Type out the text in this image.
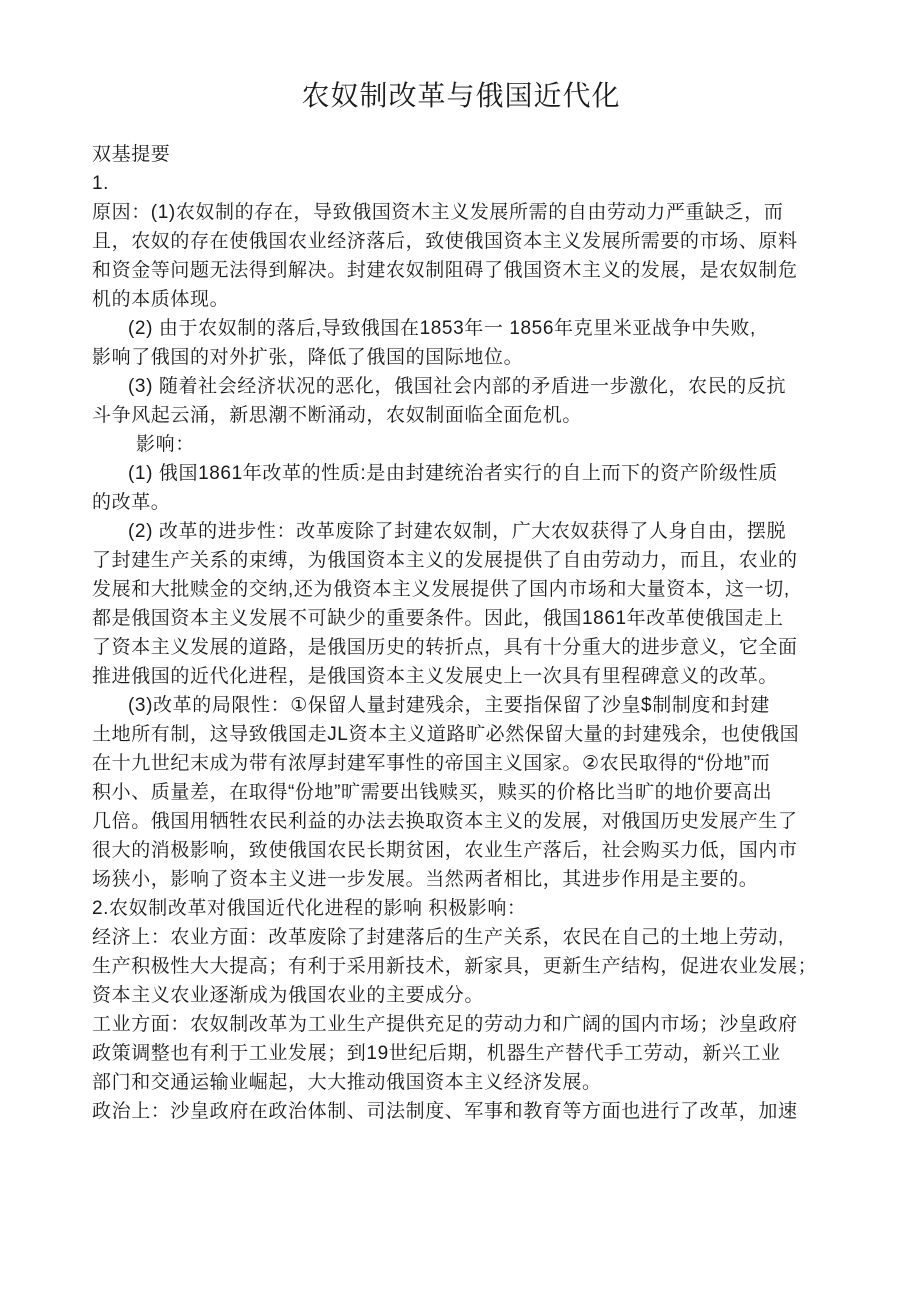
农奴制改革与俄国近代化
双基提要
1.
原因：(1)农奴制的存在，导致俄国资木主义发展所需的自由劳动力严重缺乏，而
且，农奴的存在使俄国农业经济落后，致使俄国资本主义发展所需要的市场、原料
和资金等问题无法得到解决。封建农奴制阻碍了俄国资木主义的发展，是农奴制危
机的本质体现。
(2) 由于农奴制的落后,导致俄国在1853年一 1856年克里米亚战争中失败,
影响了俄国的对外扩张，降低了俄国的国际地位。
(3) 随着社会经济状况的恶化，俄国社会内部的矛盾进一步激化，农民的反抗
斗争风起云涌，新思潮不断涌动，农奴制面临全面危机。
影响：
(1) 俄国1861年改革的性质:是由封建统治者实行的自上而下的资产阶级性质
的改革。
(2) 改革的进步性：改革废除了封建农奴制，广大农奴获得了人身自由，摆脱
了封建生产关系的束缚，为俄国资本主义的发展提供了自由劳动力，而且，农业的
发展和大批赎金的交纳,还为俄资本主义发展提供了国内市场和大量资本，这一切,
都是俄国资本主义发展不可缺少的重要条件。因此，俄国1861年改革使俄国走上
了资本主义发展的道路，是俄国历史的转折点，具有十分重大的进步意义，它全面
推进俄国的近代化进程，是俄国资本主义发展史上一次具有里程碑意义的改革。
(3)改革的局限性：①保留人量封建残余，主要指保留了沙皇$制制度和封建
土地所有制，这导致俄国走JL资本主义道路旷必然保留大量的封建残余，也使俄国
在十九世纪末成为带有浓厚封建军事性的帝国主义国家。②农民取得的“份地”而
积小、质量差，在取得“份地”旷需要出钱赎买，赎买的价格比当旷的地价要高出
几倍。俄国用牺牲农民利益的办法去换取资本主义的发展，对俄国历史发展产生了
很大的消极影响，致使俄国农民长期贫困，农业生产落后，社会购买力低，国内市
场狭小，影响了资本主义进一步发展。当然两者相比，其进步作用是主要的。
2.农奴制改革对俄国近代化进程的影响 积极影响：
经济上：农业方面：改革废除了封建落后的生产关系，农民在自己的土地上劳动,
生产积极性大大提高；有利于采用新技术，新家具，更新生产结构，促进农业发展；
资本主义农业逐渐成为俄国农业的主要成分。
工业方面：农奴制改革为工业生产提供充足的劳动力和广阔的国内市场；沙皇政府
政策调整也有利于工业发展；到19世纪后期，机器生产替代手工劳动，新兴工业
部门和交通运输业崛起，大大推动俄国资本主义经济发展。
政治上：沙皇政府在政治体制、司法制度、军事和教育等方面也进行了改革，加速
